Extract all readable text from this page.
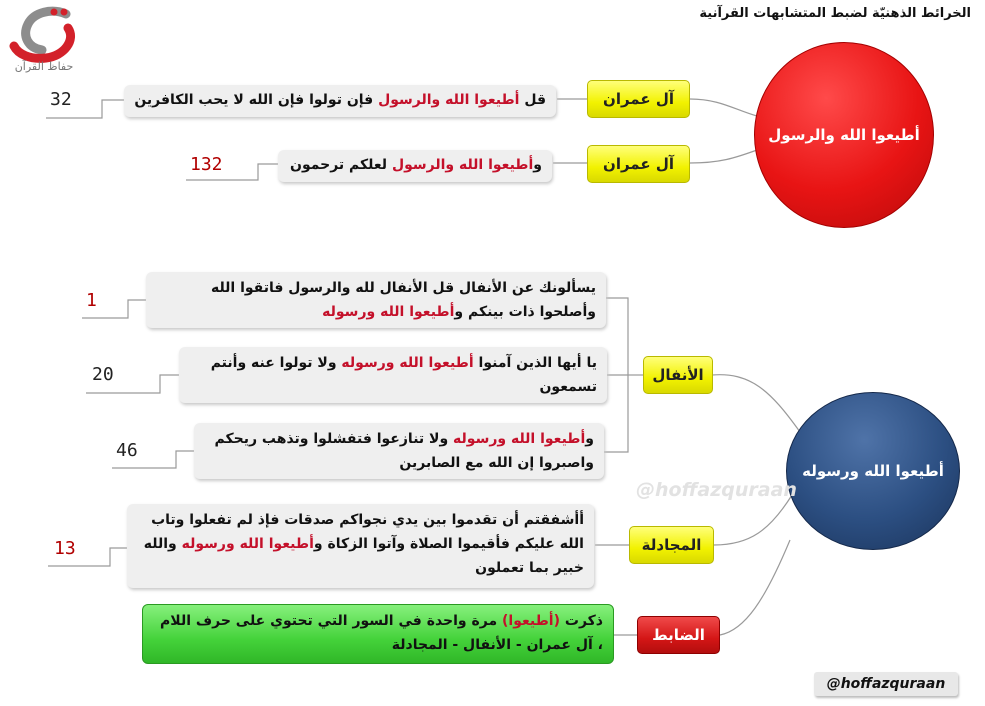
حفاظ القرآن
الخرائط الذهنيّة لضبط المتشابهات القرآنية
أطيعوا الله والرسول
آل عمران
قل أطيعوا الله والرسول فإن تولوا فإن الله لا يحب الكافرين
32
آل عمران
وأطيعوا الله والرسول لعلكم ترحمون
132
أطيعوا الله ورسوله
الأنفال
يسألونك عن الأنفال قل الأنفال لله والرسول فاتقوا الله وأصلحوا ذات بينكم وأطيعوا الله ورسوله
1
يا أيها الذين آمنوا أطيعوا الله ورسوله ولا تولوا عنه وأنتم تسمعون
20
وأطيعوا الله ورسوله ولا تنازعوا فتفشلوا وتذهب ريحكم واصبروا إن الله مع الصابرين
46
المجادلة
أأشفقتم أن تقدموا بين يدي نجواكم صدقات فإذ لم تفعلوا وتاب الله عليكم فأقيموا الصلاة وآتوا الزكاة وأطيعوا الله ورسوله والله خبير بما تعملون
13
الضابط
ذكرت (أطيعوا) مرة واحدة في السور التي تحتوي على حرف اللام ، آل عمران - الأنفال - المجادلة
@hoffazquraan
@hoffazquraan
